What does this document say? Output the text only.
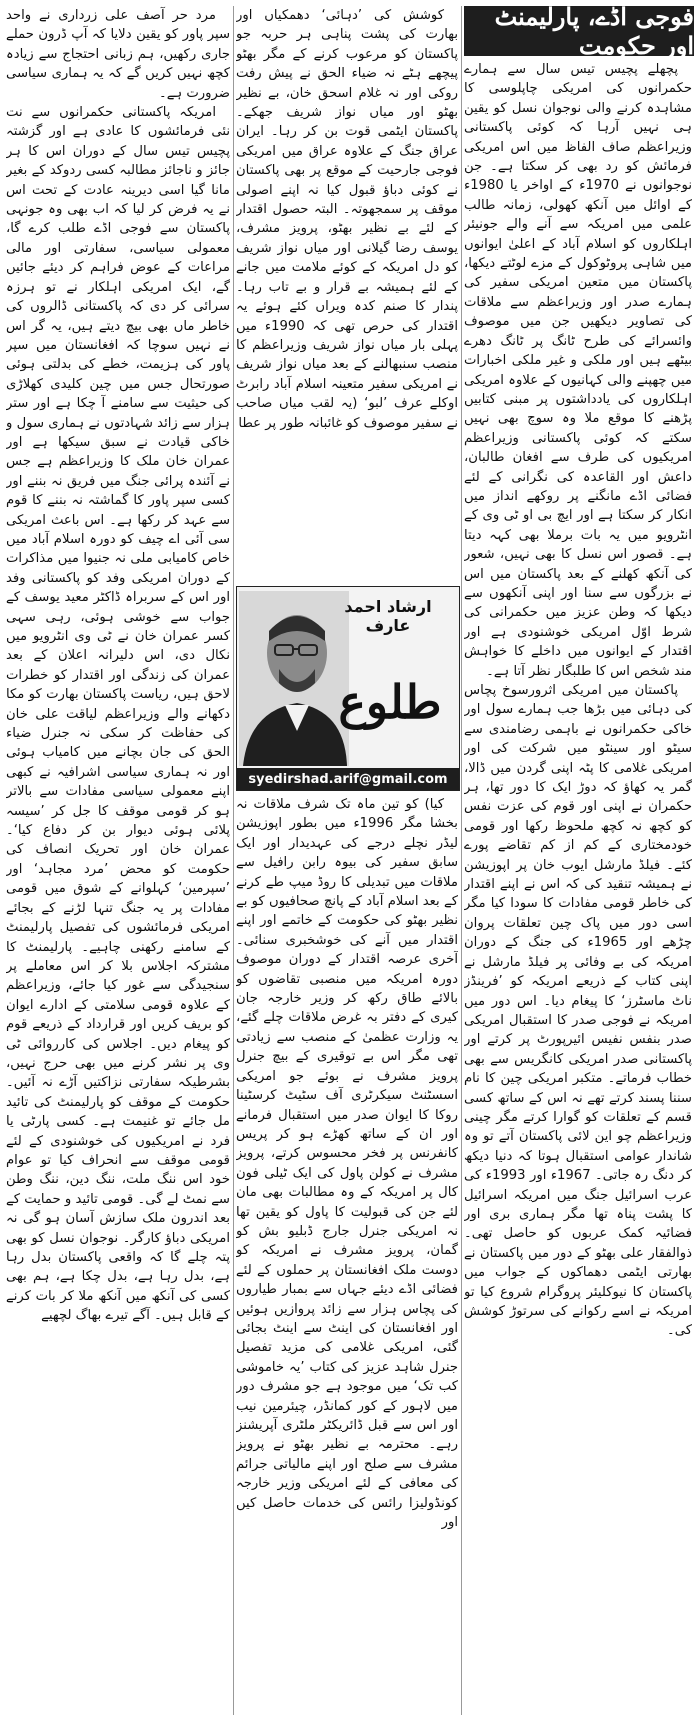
فوجی اڈے، پارلیمنٹ اور حکومت

پچھلے پچیس تیس سال سے ہمارے حکمرانوں کی امریکی چاپلوسی کا مشاہدہ کرنے والی نوجوان نسل کو یقین ہی نہیں آرہا کہ کوئی پاکستانی وزیراعظم صاف الفاظ میں اس امریکی فرمائش کو رد بھی کر سکتا ہے۔ جن نوجوانوں نے 1970ء کے اواخر یا 1980ء کے اوائل میں آنکھ کھولی، زمانہ طالب علمی میں امریکہ سے آنے والے جونیئر اہلکاروں کو اسلام آباد کے اعلیٰ ایوانوں میں شاہی پروٹوکول کے مزے لوٹتے دیکھا، پاکستان میں متعین امریکی سفیر کی ہمارے صدر اور وزیراعظم سے ملاقات کی تصاویر دیکھیں جن میں موصوف وائسرائے کی طرح ٹانگ پر ٹانگ دھرے بیٹھے ہیں اور ملکی و غیر ملکی اخبارات میں چھپنے والی کہانیوں کے علاوہ امریکی اہلکاروں کی یادداشتوں پر مبنی کتابیں پڑھنے کا موقع ملا وہ سوچ بھی نہیں سکتے کہ کوئی پاکستانی وزیراعظم امریکیوں کی طرف سے افغان طالبان، داعش اور القاعدہ کی نگرانی کے لئے فضائی اڈے مانگنے پر روکھے انداز میں انکار کر سکتا ہے اور ایچ بی او ٹی وی کے انٹرویو میں یہ بات برملا بھی کہہ دیتا ہے۔ قصور اس نسل کا بھی نہیں، شعور کی آنکھ کھلنے کے بعد پاکستان میں اس نے بزرگوں سے سنا اور اپنی آنکھوں سے دیکھا کہ وطن عزیز میں حکمرانی کی شرط اوّل امریکی خوشنودی ہے اور اقتدار کے ایوانوں میں داخلے کا خواہش مند شخص اس کا طلبگار نظر آتا ہے۔

پاکستان میں امریکی اثرورسوخ پچاس کی دہائی میں بڑھا جب ہمارے سول اور خاکی حکمرانوں نے باہمی رضامندی سے سیٹو اور سینٹو میں شرکت کی اور امریکی غلامی کا پٹہ اپنی گردن میں ڈالا، گمر یہ کھاؤ کہ دوڑ ایک کا دور تھا، ہر حکمران نے اپنی اور قوم کی عزت نفس کو کچھ نہ کچھ ملحوظ رکھا اور قومی خودمختاری کے کم از کم تقاضے پورے کئے۔ فیلڈ مارشل ایوب خان پر اپوزیشن نے ہمیشہ تنقید کی کہ اس نے اپنے اقتدار کی خاطر قومی مفادات کا سودا کیا مگر اسی دور میں پاک چین تعلقات پروان چڑھے اور 1965ء کی جنگ کے دوران امریکہ کی بے وفائی پر فیلڈ مارشل نے اپنی کتاب کے ذریعے امریکہ کو ’فرینڈز ناٹ ماسٹرز‘ کا پیغام دیا۔ اس دور میں امریکہ نے فوجی صدر کا استقبال امریکی صدر بنفس نفیس ائیرپورٹ پر کرتے اور پاکستانی صدر امریکی کانگریس سے بھی خطاب فرماتے۔ متکبر امریکی چین کا نام سننا پسند کرتے تھے نہ اس کے ساتھ کسی قسم کے تعلقات کو گوارا کرتے مگر چینی وزیراعظم چو این لائی پاکستان آتے تو وہ شاندار عوامی استقبال ہوتا کہ دنیا دیکھ کر دنگ رہ جاتی۔ 1967ء اور 1993ء کی عرب اسرائیل جنگ میں امریکہ اسرائیل کا پشت پناہ تھا مگر ہماری بری اور فضائیہ کمک عربوں کو حاصل تھی۔ ذوالفقار علی بھٹو کے دور میں پاکستان نے بھارتی ایٹمی دھماکوں کے جواب میں پاکستان کا نیوکلیئر پروگرام شروع کیا تو امریکہ نے اسے رکوانے کی سرتوڑ کوشش کی۔

کوشش کی ’دہائی‘ دھمکیاں اور بھارت کی پشت پناہی ہر حربہ جو پاکستان کو مرعوب کرنے کے مگر بھٹو پیچھے ہٹے نہ ضیاء الحق نے پیش رفت روکی اور نہ غلام اسحق خان، بے نظیر بھٹو اور میاں نواز شریف جھکے۔ پاکستان ایٹمی قوت بن کر رہا۔ ایران عراق جنگ کے علاوہ عراق میں امریکی فوجی جارحیت کے موقع پر بھی پاکستان نے کوئی دباؤ قبول کیا نہ اپنے اصولی موقف پر سمجھوتہ۔ البتہ حصول اقتدار کے لئے بے نظیر بھٹو، پرویز مشرف، یوسف رضا گیلانی اور میاں نواز شریف کو دل امریکہ کے کوئے ملامت میں جانے کے لئے ہمیشہ بے قرار و بے تاب رہا۔ پندار کا صنم کدہ ویراں کئے ہوئے یہ اقتدار کی حرص تھی کہ 1990ء میں پہلی بار میاں نواز شریف وزیراعظم کا منصب سنبھالنے کے بعد میاں نواز شریف نے امریکی سفیر متعینہ اسلام آباد رابرٹ اوکلے عرف ’لبو‘ (یہ لقب میاں صاحب نے سفیر موصوف کو غائبانہ طور پر عطا

ارشاد احمد عارف
طلوع
syedirshad.arif@gmail.com

کیا) کو تین ماہ تک شرف ملاقات نہ بخشا مگر 1996ء میں بطور اپوزیشن لیڈر نچلے درجے کی عہدیدار اور ایک سابق سفیر کی بیوہ رابن رافیل سے ملاقات میں تبدیلی کا روڈ میپ طے کرنے کے بعد اسلام آباد کے پانچ صحافیوں کو بے نظیر بھٹو کی حکومت کے خاتمے اور اپنے اقتدار میں آنے کی خوشخبری سنائی۔ آخری عرصہ اقتدار کے دوران موصوف دورہ امریکہ میں منصبی تقاضوں کو بالائے طاق رکھ کر وزیر خارجہ جان کیری کے دفتر بہ غرض ملاقات چلے گئے، یہ وزارت عظمیٰ کے منصب سے زیادتی تھی مگر اس بے توقیری کے بیچ جنرل پرویز مشرف نے بوئے جو امریکی اسسٹنٹ سیکرٹری آف سٹیٹ کرسٹینا روکا کا ایوان صدر میں استقبال فرمانے اور ان کے ساتھ کھڑے ہو کر پریس کانفرنس پر فخر محسوس کرتے، پرویز مشرف نے کولن پاول کی ایک ٹیلی فون کال پر امریکہ کے وہ مطالبات بھی مان لئے جن کی قبولیت کا پاول کو یقین تھا نہ امریکی جنرل جارج ڈبلیو بش کو گمان، پرویز مشرف نے امریکہ کو دوست ملک افغانستان پر حملوں کے لئے فضائی اڈے دیئے جہاں سے بمبار طیاروں کی پچاس ہزار سے زائد پروازیں ہوئیں اور افغانستان کی اینٹ سے اینٹ بجائی گئی، امریکی غلامی کی مزید تفصیل جنرل شاہد عزیز کی کتاب ’یہ خاموشی کب تک‘ میں موجود ہے جو مشرف دور میں لاہور کے کور کمانڈر، چیئرمین نیب اور اس سے قبل ڈائریکٹر ملٹری آپریشنز رہے۔ محترمہ بے نظیر بھٹو نے پرویز مشرف سے صلح اور اپنے مالیاتی جرائم کی معافی کے لئے امریکی وزیر خارجہ کونڈولیزا رائس کی خدمات حاصل کیں اور

مرد حر آصف علی زرداری نے واحد سپر پاور کو یقین دلایا کہ آپ ڈرون حملے جاری رکھیں، ہم زبانی احتجاج سے زیادہ کچھ نہیں کریں گے کہ یہ ہماری سیاسی ضرورت ہے۔

امریکہ پاکستانی حکمرانوں سے نت نئی فرمائشوں کا عادی ہے اور گزشتہ پچیس تیس سال کے دوران اس کا ہر جائز و ناجائز مطالبہ کسی ردوکد کے بغیر مانا گیا اسی دیرینہ عادت کے تحت اس نے یہ فرض کر لیا کہ اب بھی وہ جونہی پاکستان سے فوجی اڈے طلب کرے گا، معمولی سیاسی، سفارتی اور مالی مراعات کے عوض فراہم کر دیئے جائیں گے، ایک امریکی اہلکار نے تو ہرزہ سرائی کر دی کہ پاکستانی ڈالروں کی خاطر ماں بھی بیچ دیتے ہیں، یہ گر اس نے نہیں سوچا کہ افغانستان میں سپر پاور کی ہزیمت، خطے کی بدلتی ہوئی صورتحال جس میں چین کلیدی کھلاڑی کی حیثیت سے سامنے آ چکا ہے اور ستر ہزار سے زائد شہادتوں نے ہماری سول و خاکی قیادت نے سبق سیکھا ہے اور عمران خان ملک کا وزیراعظم ہے جس نے آئندہ پرائی جنگ میں فریق نہ بننے اور کسی سپر پاور کا گماشتہ نہ بننے کا قوم سے عہد کر رکھا ہے۔ اس باعث امریکی سی آئی اے چیف کو دورہ اسلام آباد میں خاص کامیابی ملی نہ جنیوا میں مذاکرات کے دوران امریکی وفد کو پاکستانی وفد اور اس کے سربراہ ڈاکٹر معید یوسف کے جواب سے خوشی ہوئی، رہی سہی کسر عمران خان نے ٹی وی انٹرویو میں نکال دی، اس دلیرانہ اعلان کے بعد عمران کی زندگی اور اقتدار کو خطرات لاحق ہیں، ریاست پاکستان بھارت کو مکا دکھانے والے وزیراعظم لیاقت علی خان کی حفاظت کر سکی نہ جنرل ضیاء الحق کی جان بچانے میں کامیاب ہوئی اور نہ ہماری سیاسی اشرافیہ نے کبھی اپنے معمولی سیاسی مفادات سے بالاتر ہو کر قومی موقف کا جل کر ’سیسہ پلائی ہوئی دیوار بن کر دفاع کیا‘۔ عمران خان اور تحریک انصاف کی حکومت کو محض ’مرد مجاہد‘ اور ’سپرمین‘ کہلوانے کے شوق میں قومی مفادات پر یہ جنگ تنہا لڑنے کے بجائے امریکی فرمائشوں کی تفصیل پارلیمنٹ کے سامنے رکھنی چاہیے۔ پارلیمنٹ کا مشترکہ اجلاس بلا کر اس معاملے پر سنجیدگی سے غور کیا جائے، وزیراعظم کے علاوہ قومی سلامتی کے ادارے ایوان کو بریف کریں اور قرارداد کے ذریعے قوم کو پیغام دیں۔ اجلاس کی کارروائی ٹی وی پر نشر کرنے میں بھی حرج نہیں، بشرطیکہ سفارتی نزاکتیں آڑے نہ آئیں۔ حکومت کے موقف کو پارلیمنٹ کی تائید مل جائے تو غنیمت ہے۔ کسی پارٹی یا فرد نے امریکیوں کی خوشنودی کے لئے قومی موقف سے انحراف کیا تو عوام خود اس ننگ ملت، ننگ دین، ننگ وطن سے نمٹ لے گی۔ قومی تائید و حمایت کے بعد اندرون ملک سازش آسان ہو گی نہ امریکی دباؤ کارگر۔ نوجوان نسل کو بھی پتہ چلے گا کہ واقعی پاکستان بدل رہا ہے، بدل رہا ہے، بدل چکا ہے، ہم بھی کسی کی آنکھ میں آنکھ ملا کر بات کرنے کے قابل ہیں۔ آگے تیرے بھاگ لچھیے
